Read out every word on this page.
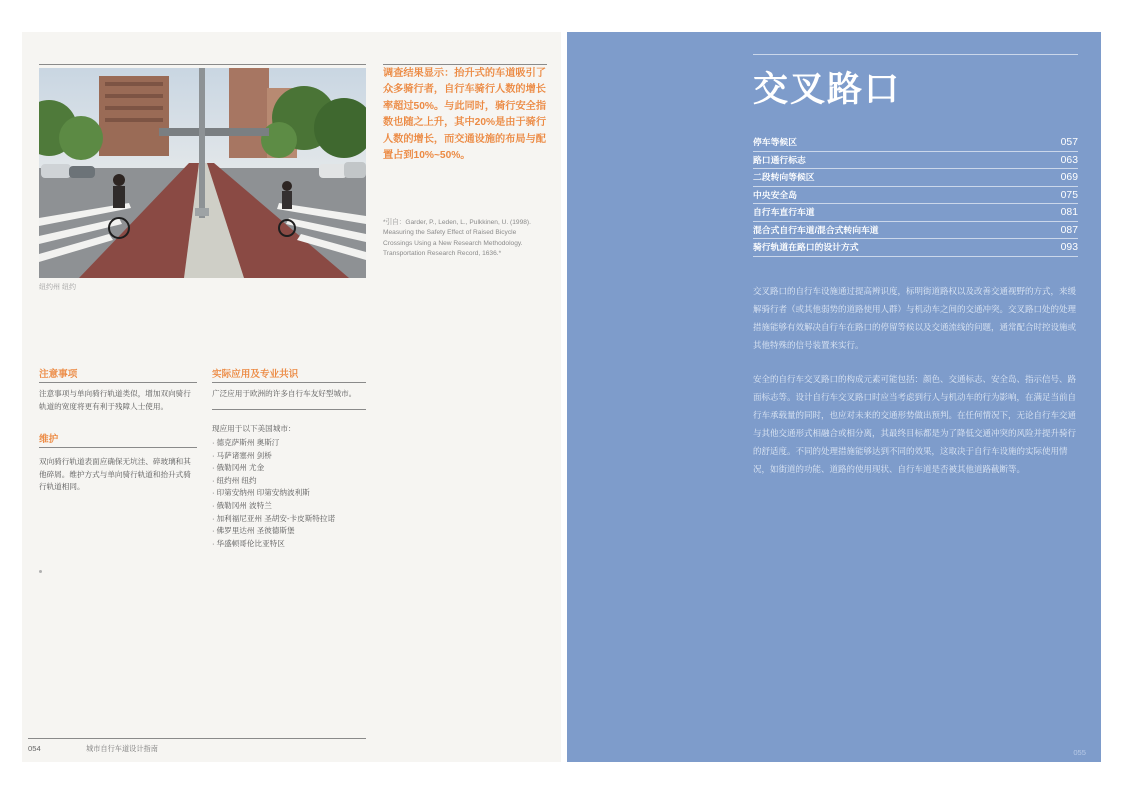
纽约州 纽约

调查结果显示：抬升式的车道吸引了众多骑行者，自行车骑行人数的增长率超过50%。与此同时，骑行安全指数也随之上升，其中20%是由于骑行人数的增长，而交通设施的布局与配置占到10%~50%。

*引自：Garder, P., Leden, L., Pulkkinen, U. (1998). Measuring the Safety Effect of Raised Bicycle Crossings Using a New Research Methodology. Transportation Research Record, 1636.*

注意事项

注意事项与单向骑行轨道类似，增加双向骑行轨道的宽度将更有利于残障人士使用。

维护

双向骑行轨道表面应确保无坑洼、碎玻璃和其他碎屑。维护方式与单向骑行轨道和抬升式骑行轨道相同。

实际应用及专业共识

广泛应用于欧洲的许多自行车友好型城市。

现应用于以下美国城市：

· 德克萨斯州 奥斯汀
· 马萨诸塞州 剑桥
· 俄勒冈州 尤金
· 纽约州 纽约
· 印第安纳州 印第安纳波利斯
· 俄勒冈州 波特兰
· 加利福尼亚州 圣胡安-卡皮斯特拉诺
· 佛罗里达州 圣彼德斯堡
· 华盛顿哥伦比亚特区
054	城市自行车道设计指南
交叉路口
停车等候区	057
路口通行标志	063
二段转向等候区	069
中央安全岛	075
自行车直行车道	081
混合式自行车道/混合式转向车道	087
骑行轨道在路口的设计方式	093

交叉路口的自行车设施通过提高辨识度，标明街道路权以及改善交通视野的方式，来缓解骑行者（或其他弱势的道路使用人群）与机动车之间的交通冲突。交叉路口处的处理措施能够有效解决自行车在路口的停留等候以及交通流线的问题，通常配合时控设施或其他特殊的信号装置来实行。

安全的自行车交叉路口的构成元素可能包括：颜色、交通标志、安全岛、指示信号、路面标志等。设计自行车交叉路口时应当考虑到行人与机动车的行为影响，在满足当前自行车承载量的同时，也应对未来的交通形势做出预判。在任何情况下，无论自行车交通与其他交通形式相融合或相分离，其最终目标都是为了降低交通冲突的风险并提升骑行的舒适度。不同的处理措施能够达到不同的效果，这取决于自行车设施的实际使用情况，如街道的功能、道路的使用现状、自行车道是否被其他道路截断等。

055
